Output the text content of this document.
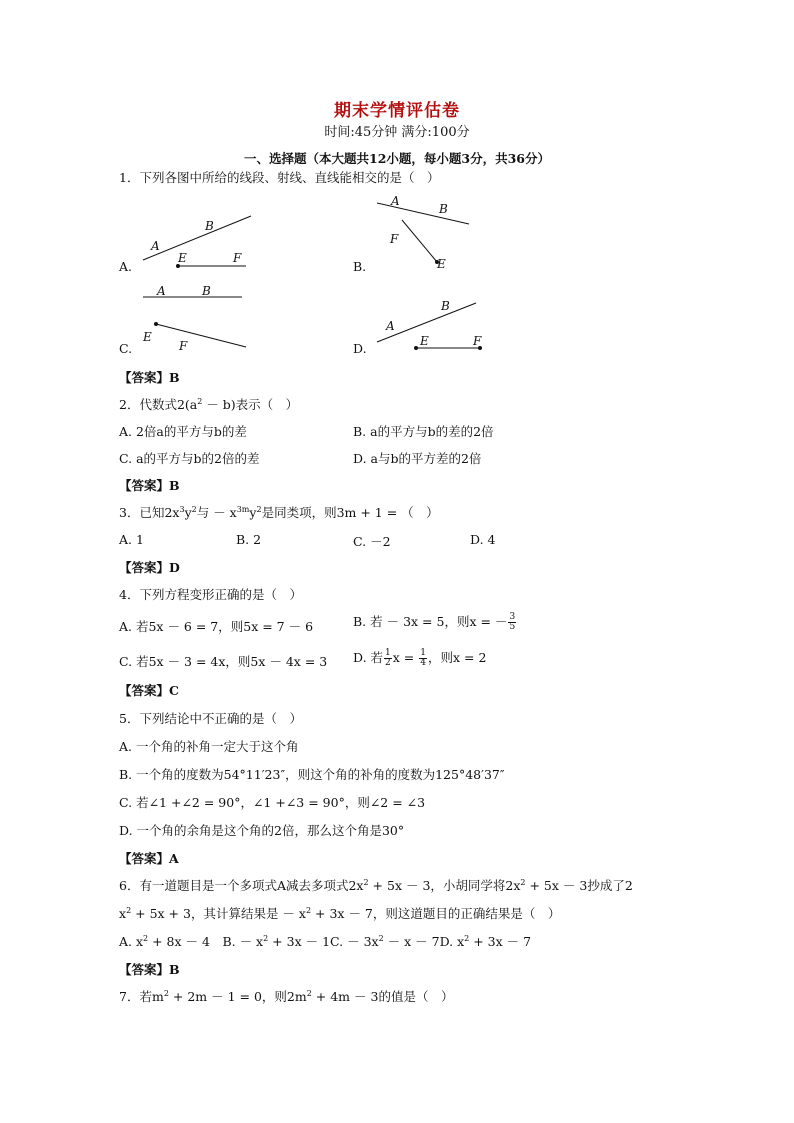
期末学情评估卷
时间:45分钟 满分:100分
一、选择题（本大题共12小题，每小题3分，共36分）
1．下列各图中所给的线段、射线、直线能相交的是（　）
A.
A
B
E	F
B.
A
B
F
E
C.
A	B
E
F	D.
A
B
E	F
【答案】B
2．代数式$2(a^2 - b)$表示（　）
A. 2倍a的平方与b的差	B. a的平方与b的差的2倍
C. a的平方与b的2倍的差	D. a与b的平方差的2倍
【答案】B
3．已知$2x^3y^2$与 － $x^{3m}y^2$是同类项，则3m + 1 = （　）
A. 1	B. 2	C. －2	D. 4
【答案】D
4．下列方程变形正确的是（　）
A. 若5x － 6 = 7，则5x = 7 － 6	B. 若 － 3x = 5，则x = － $\frac{3}{5}$
C. 若5x － 3 = 4x，则5x － 4x = 3 D. 若 $\frac{1}{2}$ $x = \frac{1}{4}$ ，则x = 2
【答案】C
5．下列结论中不正确的是（　）
A. 一个角的补角一定大于这个角
B. 一个角的度数为54°11′23″，则这个角的补角的度数为125°48′37″
C. 若∠1 +∠2 = 90°，∠1 +∠3 = 90°，则∠2 = ∠3
D. 一个角的余角是这个角的2倍，那么这个角是30°
【答案】A
6．有一道题目是一个多项式A减去多项式$2x^2 + 5x - 3$，小胡同学将$2x^2 + 5x - 3$抄成了2
$x^2 + 5x + 3$，其计算结果是 － $x^2 + 3x - 7$，则这道题目的正确结果是（　）
A. $x^2 + 8x - 4$　B. － $x^2 + 3x - 1C$. － $3x^2 - x - 7D$. $x^2 + 3x - 7$
【答案】B
7．若$m^2 + 2m - 1 = 0$，则$2m^2 + 4m - 3$的值是（　）
